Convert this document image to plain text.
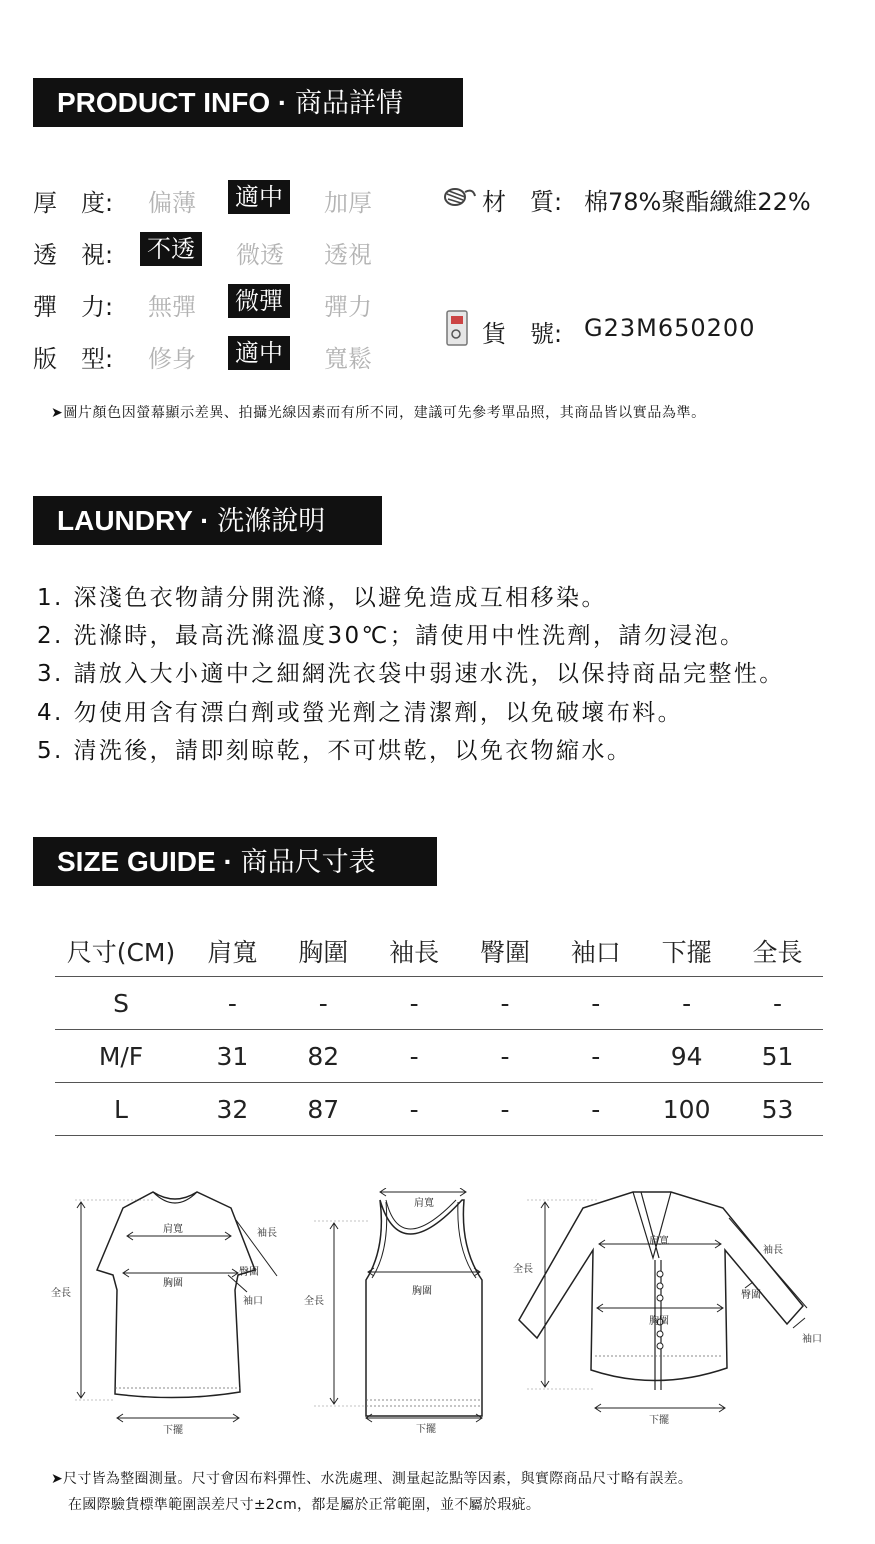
PRODUCT INFO · 商品詳情
厚　度: 偏薄 適中 加厚
透　視: 不透 微透 透視
彈　力: 無彈 微彈 彈力
版　型: 修身 適中 寬鬆
材　質: 棉78%聚酯纖維22%
貨　號: G23M650200
➤圖片顏色因螢幕顯示差異、拍攝光線因素而有所不同，建議可先參考單品照，其商品皆以實品為準。
LAUNDRY · 洗滌說明
1. 深淺色衣物請分開洗滌，以避免造成互相移染。
2. 洗滌時，最高洗滌溫度30℃；請使用中性洗劑，請勿浸泡。
3. 請放入大小適中之細網洗衣袋中弱速水洗，以保持商品完整性。
4. 勿使用含有漂白劑或螢光劑之清潔劑，以免破壞布料。
5. 清洗後，請即刻晾乾，不可烘乾，以免衣物縮水。
SIZE GUIDE · 商品尺寸表
尺寸(CM)	肩寬	胸圍	袖長	臀圍	袖口	下擺	全長
S	-	-	-	-	-	-	-
M/F	31	82	-	-	-	94	51
L	32	87	-	-	-	100	53
肩寬
胸圍
袖長
臀圍
袖口
全長
下擺
肩寬
胸圍
全長
下擺
肩寬
胸圍
袖長
臀圍
袖口
全長
下擺
➤尺寸皆為整圈測量。尺寸會因布料彈性、水洗處理、測量起訖點等因素，與實際商品尺寸略有誤差。
在國際驗貨標準範圍誤差尺寸±2cm，都是屬於正常範圍，並不屬於瑕疵。
